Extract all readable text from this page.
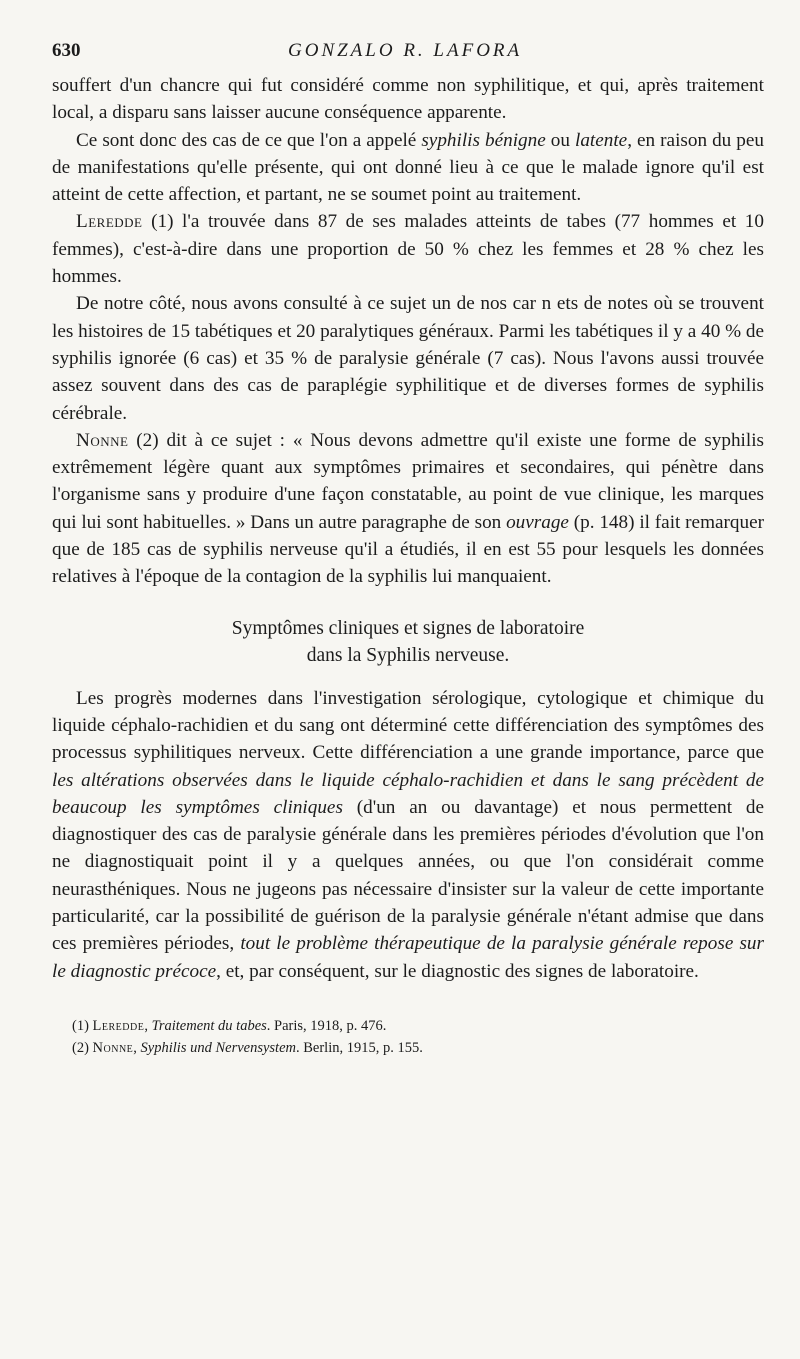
630	GONZALO R. LAFORA

souffert d'un chancre qui fut considéré comme non syphilitique, et qui, après traitement local, a disparu sans laisser aucune conséquence apparente.

Ce sont donc des cas de ce que l'on a appelé syphilis bénigne ou latente, en raison du peu de manifestations qu'elle présente, qui ont donné lieu à ce que le malade ignore qu'il est atteint de cette affection, et partant, ne se soumet point au traitement.

Leredde (1) l'a trouvée dans 87 de ses malades atteints de tabes (77 hommes et 10 femmes), c'est-à-dire dans une proportion de 50 % chez les femmes et 28 % chez les hommes.

De notre côté, nous avons consulté à ce sujet un de nos car n ets de notes où se trouvent les histoires de 15 tabétiques et 20 paralytiques généraux. Parmi les tabétiques il y a 40 % de syphilis ignorée (6 cas) et 35 % de paralysie générale (7 cas). Nous l'avons aussi trouvée assez souvent dans des cas de paraplégie syphilitique et de diverses formes de syphilis cérébrale.

Nonne (2) dit à ce sujet : « Nous devons admettre qu'il existe une forme de syphilis extrêmement légère quant aux symptômes primaires et secondaires, qui pénètre dans l'organisme sans y produire d'une façon constatable, au point de vue clinique, les marques qui lui sont habituelles. » Dans un autre paragraphe de son ouvrage (p. 148) il fait remarquer que de 185 cas de syphilis nerveuse qu'il a étudiés, il en est 55 pour lesquels les données relatives à l'époque de la contagion de la syphilis lui manquaient.

Symptômes cliniques et signes de laboratoire
dans la Syphilis nerveuse.

Les progrès modernes dans l'investigation sérologique, cytologique et chimique du liquide céphalo-rachidien et du sang ont déterminé cette différenciation des symptômes des processus syphilitiques nerveux. Cette différenciation a une grande importance, parce que les altérations observées dans le liquide céphalo-rachidien et dans le sang précèdent de beaucoup les symptômes cliniques (d'un an ou davantage) et nous permettent de diagnostiquer des cas de paralysie générale dans les premières périodes d'évolution que l'on ne diagnostiquait point il y a quelques années, ou que l'on considérait comme neurasthéniques. Nous ne jugeons pas nécessaire d'insister sur la valeur de cette importante particularité, car la possibilité de guérison de la paralysie générale n'étant admise que dans ces premières périodes, tout le problème thérapeutique de la paralysie générale repose sur le diagnostic précoce, et, par conséquent, sur le diagnostic des signes de laboratoire.

(1) Leredde, Traitement du tabes. Paris, 1918, p. 476.
(2) Nonne, Syphilis und Nervensystem. Berlin, 1915, p. 155.
